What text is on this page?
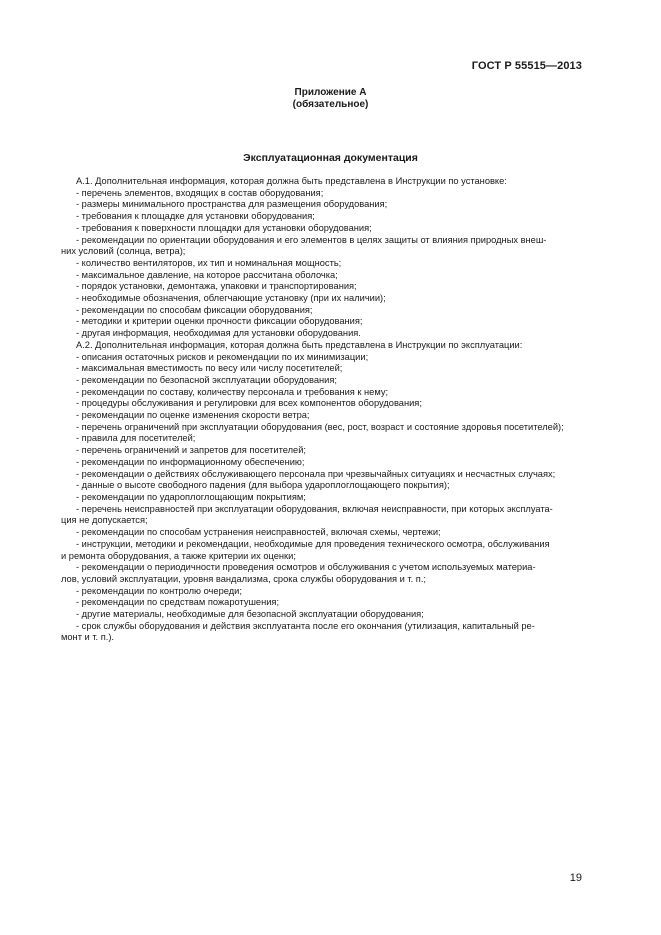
ГОСТ Р 55515—2013
Приложение А
(обязательное)
Эксплуатационная документация
А.1. Дополнительная информация, которая должна быть представлена в Инструкции по установке:
- перечень элементов, входящих в состав оборудования;
- размеры минимального пространства для размещения оборудования;
- требования к площадке для установки оборудования;
- требования к поверхности площадки для установки оборудования;
- рекомендации по ориентации оборудования и его элементов в целях защиты от влияния природных внеш-
них условий (солнца, ветра);
- количество вентиляторов, их тип и номинальная мощность;
- максимальное давление, на которое рассчитана оболочка;
- порядок установки, демонтажа, упаковки и транспортирования;
- необходимые обозначения, облегчающие установку (при их наличии);
- рекомендации по способам фиксации оборудования;
- методики и критерии оценки прочности фиксации оборудования;
- другая информация, необходимая для установки оборудования.
А.2. Дополнительная информация, которая должна быть представлена в Инструкции по эксплуатации:
- описания остаточных рисков и рекомендации по их минимизации;
- максимальная вместимость по весу или числу посетителей;
- рекомендации по безопасной эксплуатации оборудования;
- рекомендации по составу, количеству персонала и требования к нему;
- процедуры обслуживания и регулировки для всех компонентов оборудования;
- рекомендации по оценке изменения скорости ветра;
- перечень ограничений при эксплуатации оборудования (вес, рост, возраст и состояние здоровья посетителей);
- правила для посетителей;
- перечень ограничений и запретов для посетителей;
- рекомендации по информационному обеспечению;
- рекомендации о действиях обслуживающего персонала при чрезвычайных ситуациях и несчастных случаях;
- данные о высоте свободного падения (для выбора удароплоглощающего покрытия);
- рекомендации по удароплоглощающим покрытиям;
- перечень неисправностей при эксплуатации оборудования, включая неисправности, при которых эксплуата-
ция не допускается;
- рекомендации по способам устранения неисправностей, включая схемы, чертежи;
- инструкции, методики и рекомендации, необходимые для проведения технического осмотра, обслуживания
и ремонта оборудования, а также критерии их оценки;
- рекомендации о периодичности проведения осмотров и обслуживания с учетом используемых материа-
лов, условий эксплуатации, уровня вандализма, срока службы оборудования и т. п.;
- рекомендации по контролю очереди;
- рекомендации по средствам пожаротушения;
- другие материалы, необходимые для безопасной эксплуатации оборудования;
- срок службы оборудования и действия эксплуатанта после его окончания (утилизация, капитальный ре-
монт и т. п.).
19
